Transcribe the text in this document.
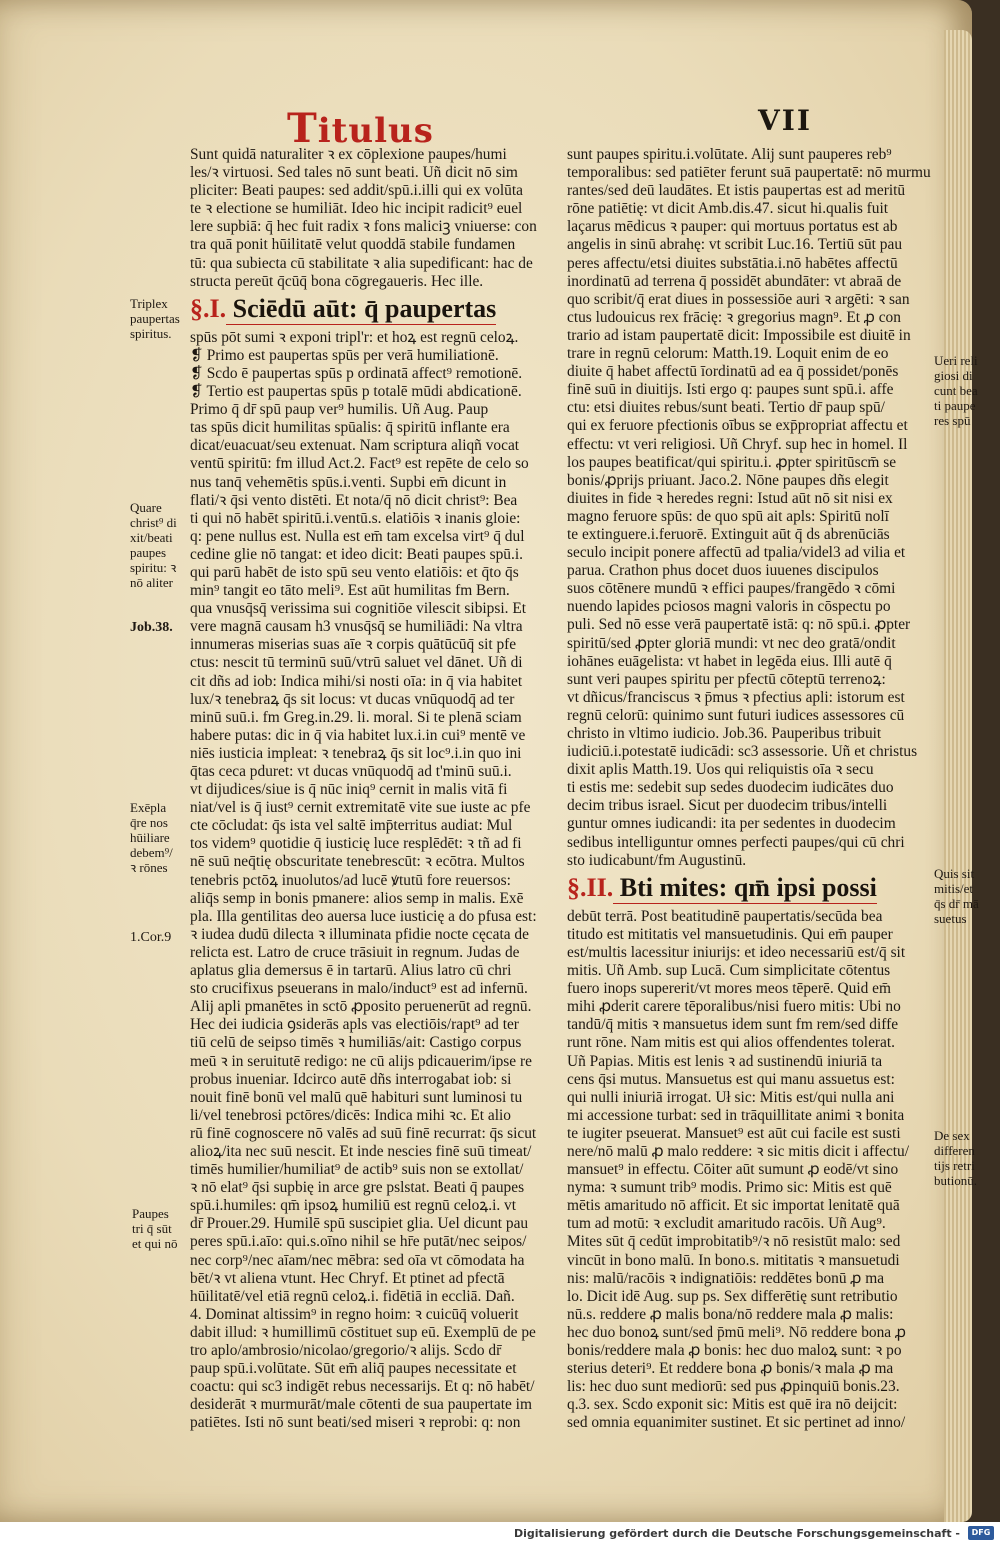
Titulus	VII
Sunt quidā naturaliter ꝛ ex cōplexione paupes/humi
les/ꝛ virtuosi. Sed tales nō sunt beati. Uñ dicit nō sim
pliciter: Beati paupes: sed addit/spū.i.illi qui ex volūta
te ꝛ electione se humiliāt. Ideo hic incipit radicit⁹ euel
lere supbiā: q̄ hec fuit radix ꝛ fons maliciꝫ vniuerse: con
tra quā ponit hūilitatē velut quoddā stabile fundamen
tū: qua subiecta cū stabilitate ꝛ alia supedificant: hac de
structa pereūt q̄cūq̄ bona cōgregaueris. Hec ille.
§.I. Sciēdū aūt: q̄ paupertas
spūs pōt sumi ꝛ exponi tripl'r: et hoꝝ est regnū celoꝝ.
❡ Primo est paupertas spūs per verā humiliationē.
❡ Scdo ē paupertas spūs p ordinatā affect⁹ remotionē.
❡ Tertio est paupertas spūs p totalē mūdi abdicationē.
Primo q̄ dr̄ spū paup ver⁹ humilis. Uñ Aug. Paup
tas spūs dicit humilitas spūalis: q̄ spiritū inflante era
dicat/euacuat/seu extenuat. Nam scriptura aliqñ vocat
ventū spiritū: fm illud Act.2. Fact⁹ est repēte de celo so
nus tanq̄ vehemētis spūs.i.venti. Supbi em̄ dicunt in
flati/ꝛ q̄si vento distēti. Et nota/q̄ nō dicit christ⁹: Bea
ti qui nō habēt spiritū.i.ventū.s. elatiōis ꝛ inanis gloie:
q: pene nullus est. Nulla est em̄ tam excelsa virt⁹ q̄ dul
cedine glie nō tangat: et ideo dicit: Beati paupes spū.i.
qui parū habēt de isto spū seu vento elatiōis: et q̄to q̄s
min⁹ tangit eo tāto meli⁹. Est aūt humilitas fm Bern.
qua vnusq̄sq̄ verissima sui cognitiōe vilescit sibipsi. Et
vere magnā causam h3 vnusq̄sq̄ se humiliādi: Na vltra
innumeras miserias suas aīe ꝛ corpis quātūcūq̄ sit pfe
ctus: nescit tū terminū suū/vtrū saluet vel dānet. Uñ di
cit dñs ad iob: Indica mihi/si nosti oīa: in q̄ via habitet
lux/ꝛ tenebraꝝ q̄s sit locus: vt ducas vnūquodq̄ ad ter
minū suū.i. fm Greg.in.29. li. moral. Si te plenā sciam
habere putas: dic in q̄ via habitet lux.i.in cui⁹ mentē ve
niēs iusticia impleat: ꝛ tenebraꝝ q̄s sit loc⁹.i.in quo ini
q̄tas ceca pduret: vt ducas vnūquodq̄ ad t'minū suū.i.
vt dijudices/siue is q̄ nūc iniq⁹ cernit in malis vitā fi
niat/vel is q̄ iust⁹ cernit extremitatē vite sue iuste ac pfe
cte cōcludat: q̄s ista vel saltē imp̄territus audiat: Mul
tos videm⁹ quotidie q̄ iusticię luce resplēdēt: ꝛ tñ ad fi
nē suū neq̄tię obscuritate tenebrescūt: ꝛ ecōtra. Multos
tenebris pctōꝝ inuolutos/ad lucē ꝟtutū fore reuersos:
aliq̄s semp in bonis pmanere: alios semp in malis. Exē
pla. Illa gentilitas deo auersa luce iusticię a do pfusa est:
ꝛ iudea dudū dilecta ꝛ illuminata pfidie nocte cęcata de
relicta est. Latro de cruce trāsiuit in regnum. Judas de
aplatus glia demersus ē in tartarū. Alius latro cū chri
sto crucifixus pseuerans in malo/induct⁹ est ad infernū.
Alij apli pmanētes in sctō ꝓposito peruenerūt ad regnū.
Hec dei iudicia ꝯsiderās apls vas electiōis/rapt⁹ ad ter
tiū celū de seipso timēs ꝛ humiliās/ait: Castigo corpus
meū ꝛ in seruitutē redigo: ne cū alijs pdicauerim/ipse re
probus inueniar. Idcirco autē dñs interrogabat iob: si
nouit finē bonū vel malū quē habituri sunt luminosi tu
li/vel tenebrosi pctōres/dicēs: Indica mihi ꝛc. Et alio
rū finē cognoscere nō valēs ad suū finē recurrat: q̄s sicut
alioꝝ/ita nec suū nescit. Et inde nescies finē suū timeat/
timēs humilier/humiliat⁹ de actib⁹ suis non se extollat/
ꝛ nō elat⁹ q̄si supbię in arce gre pslstat. Beati q̄ paupes
spū.i.humiles: qm̄ ipsoꝝ humiliū est regnū celoꝝ.i. vt
dr̄ Prouer.29. Humilē spū suscipiet glia. Uel dicunt pau
peres spū.i.aīo: qui.s.oīno nihil se hr̄e putāt/nec seipos/
nec corp⁹/nec aīam/nec mēbra: sed oīa vt cōmodata ha
bēt/ꝛ vt aliena vtunt. Hec Chryf. Et ptinet ad pfectā
hūilitatē/vel etiā regnū celoꝝ.i. fidētiā in eccliā. Dañ.
4. Dominat altissim⁹ in regno hoim: ꝛ cuicūq̄ voluerit
dabit illud: ꝛ humillimū cōstituet sup eū. Exemplū de pe
tro aplo/ambrosio/nicolao/gregorio/ꝛ alijs. Scdo dr̄
paup spū.i.volūtate. Sūt em̄ aliq̄ paupes necessitate et
coactu: qui sc3 indigēt rebus necessarijs. Et q: nō habēt/
desiderāt ꝛ murmurāt/male cōtenti de sua paupertate im
patiētes. Isti nō sunt beati/sed miseri ꝛ reprobi: q: non
sunt paupes spiritu.i.volūtate. Alij sunt pauperes reb⁹
temporalibus: sed patiēter ferunt suā paupertatē: nō murmu
rantes/sed deū laudātes. Et istis paupertas est ad meritū
rōne patiētię: vt dicit Amb.dis.47. sicut hi.qualis fuit
laçarus mēdicus ꝛ pauper: qui mortuus portatus est ab
angelis in sinū abrahę: vt scribit Luc.16. Tertiū sūt pau
peres affectu/etsi diuites substātia.i.nō habētes affectū
inordinatū ad terrena q̄ possidēt abundāter: vt abraā de
quo scribit/q̄ erat diues in possessiōe auri ꝛ argēti: ꝛ san
ctus ludouicus rex frācię: ꝛ gregorius magn⁹. Et ꝓ con
trario ad istam paupertatē dicit: Impossibile est diuitē in
trare in regnū celorum: Matth.19. Loquit enim de eo
diuite q̄ habet affectū īordinatū ad ea q̄ possidet/ponēs
finē suū in diuitijs. Isti ergo q: paupes sunt spū.i. affe
ctu: etsi diuites rebus/sunt beati. Tertio dr̄ paup spū/
qui ex feruore pfectionis oībus se exp̄propriat affectu et
effectu: vt veri religiosi. Uñ Chryf. sup hec in homel. Il
los paupes beatificat/qui spiritu.i. ꝓpter spiritūscm̄ se
bonis/ꝓprijs priuant. Jaco.2. Nōne paupes dñs elegit
diuites in fide ꝛ heredes regni: Istud aūt nō sit nisi ex
magno feruore spūs: de quo spū ait apls: Spiritū nolī
te extinguere.i.feruorē. Extinguit aūt q̄ ds abrenūciās
seculo incipit ponere affectū ad tpalia/videl3 ad vilia et
parua. Crathon phus docet duos iuuenes discipulos
suos cōtēnere mundū ꝛ effici paupes/frangēdo ꝛ cōmi
nuendo lapides pciosos magni valoris in cōspectu po
puli. Sed nō esse verā paupertatē istā: q: nō spū.i. ꝓpter
spiritū/sed ꝓpter gloriā mundi: vt nec deo gratā/ondit
iohānes euāgelista: vt habet in legēda eius. Illi autē q̄
sunt veri paupes spiritu per pfectū cōteptū terrenoꝝ:
vt dñicus/franciscus ꝛ p̄mus ꝛ pfectius apli: istorum est
regnū celorū: quinimo sunt futuri iudices assessores cū
christo in vltimo iudicio. Job.36. Pauperibus tribuit
iudiciū.i.potestatē iudicādi: sc3 assessorie. Uñ et christus
dixit aplis Matth.19. Uos qui reliquistis oīa ꝛ secu
ti estis me: sedebit sup sedes duodecim iudicātes duo
decim tribus israel. Sicut per duodecim tribus/intelli
guntur omnes iudicandi: ita per sedentes in duodecim
sedibus intelliguntur omnes perfecti paupes/qui cū chri
sto iudicabunt/fm Augustinū.
§.II. Bti mites: qm̄ ipsi possi
debūt terrā. Post beatitudinē paupertatis/secūda bea
titudo est mititatis vel mansuetudinis. Qui em̄ pauper
est/multis lacessitur iniurijs: et ideo necessariū est/q̄ sit
mitis. Uñ Amb. sup Lucā. Cum simplicitate cōtentus
fuero inops supererit/vt mores meos tēperē. Quid em̄
mihi ꝓderit carere tēporalibus/nisi fuero mitis: Ubi no
tandū/q̄ mitis ꝛ mansuetus idem sunt fm rem/sed diffe
runt rōne. Nam mitis est qui alios offendentes tolerat.
Uñ Papias. Mitis est lenis ꝛ ad sustinendū iniuriā ta
cens q̄si mutus. Mansuetus est qui manu assuetus est:
qui nulli iniuriā irrogat. Uł sic: Mitis est/qui nulla ani
mi accessione turbat: sed in trāquillitate animi ꝛ bonita
te iugiter pseuerat. Mansuet⁹ est aūt cui facile est susti
nere/nō malū ꝓ malo reddere: ꝛ sic mitis dicit i affectu/
mansuet⁹ in effectu. Cōiter aūt sumunt ꝓ eodē/vt sino
nyma: ꝛ sumunt trib⁹ modis. Primo sic: Mitis est quē
mētis amaritudo nō afficit. Et sic importat lenitatē quā
tum ad motū: ꝛ excludit amaritudo racōis. Uñ Aug⁹.
Mites sūt q̄ cedūt improbitatib⁹/ꝛ nō resistūt malo: sed
vincūt in bono malū. In bono.s. mititatis ꝛ mansuetudi
nis: malū/racōis ꝛ indignatiōis: reddētes bonū ꝓ ma
lo. Dicit idē Aug. sup ps. Sex differētię sunt retributio
nū.s. reddere ꝓ malis bona/nō reddere mala ꝓ malis:
hec duo bonoꝝ sunt/sed p̄mū meli⁹. Nō reddere bona ꝓ
bonis/reddere mala ꝓ bonis: hec duo maloꝝ sunt: ꝛ po
sterius deteri⁹. Et reddere bona ꝓ bonis/ꝛ mala ꝓ ma
lis: hec duo sunt mediorū: sed pus ꝓpinquiū bonis.23.
q.3. sex. Scdo exponit sic: Mitis est quē ira nō deijcit:
sed omnia equanimiter sustinet. Et sic pertinet ad inno/
Triplex
paupertas
spiritus.
Quare
christ⁹ di
xit/beati
paupes
spiritu: ꝛ
nō aliter
Job.38.
Exēpla
q̄re nos
hūiliare
debem⁹/
ꝛ rōnes
1.Cor.9
Paupes
tri q̄ sūt
et qui nō
Ueri reli
giosi di
cunt bea
ti paupe
res spū
Quis sit
mitis/et
q̄s dr̄ mā
suetus
De sex
differen
tijs retri
butionū.
Digitalisierung gefördert durch die Deutsche Forschungsgemeinschaft -	DFG
